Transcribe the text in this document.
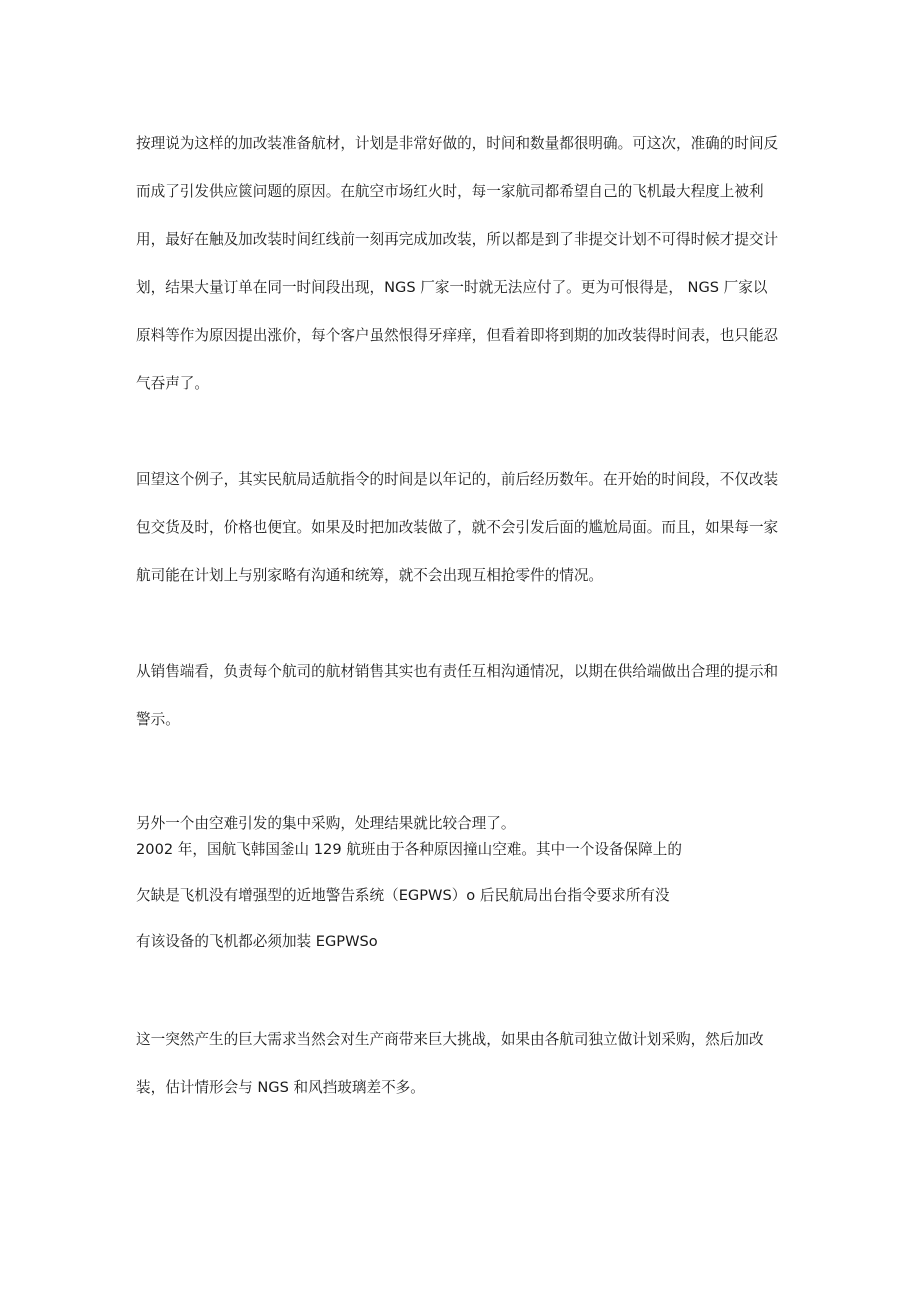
按理说为这样的加改装准备航材，计划是非常好做的，时间和数量都很明确。可这次，准确的时间反
而成了引发供应篋问题的原因。在航空市场红火时，每一家航司都希望自己的飞机最大程度上被利
用，最好在触及加改装时间红线前一刻再完成加改装，所以都是到了非提交计划不可得时候才提交计
划，结果大量订单在同一时间段出现，NGS 厂家一时就无法应付了。更为可恨得是， NGS 厂家以
原料等作为原因提出涨价，每个客户虽然恨得牙痒痒，但看着即将到期的加改装得时间表，也只能忍
气吞声了。
回望这个例子，其实民航局适航指令的时间是以年记的，前后经历数年。在开始的时间段，不仅改装
包交货及时，价格也便宜。如果及时把加改装做了，就不会引发后面的尴尬局面。而且，如果每一家
航司能在计划上与别家略有沟通和统筹，就不会出现互相抢零件的情况。
从销售端看，负责每个航司的航材销售其实也有责任互相沟通情况，以期在供给端做出合理的提示和
警示。
另外一个由空难引发的集中采购，处理结果就比较合理了。
2002 年，国航飞韩国釜山 129 航班由于各种原因撞山空难。其中一个设备保障上的
欠缺是飞机没有增强型的近地警告系统（EGPWS）o 后民航局出台指令要求所有没
有该设备的飞机都必须加装 EGPWSo
这一突然产生的巨大需求当然会对生产商带来巨大挑战，如果由各航司独立做计划采购，然后加改
装，估计情形会与 NGS 和风挡玻璃差不多。
